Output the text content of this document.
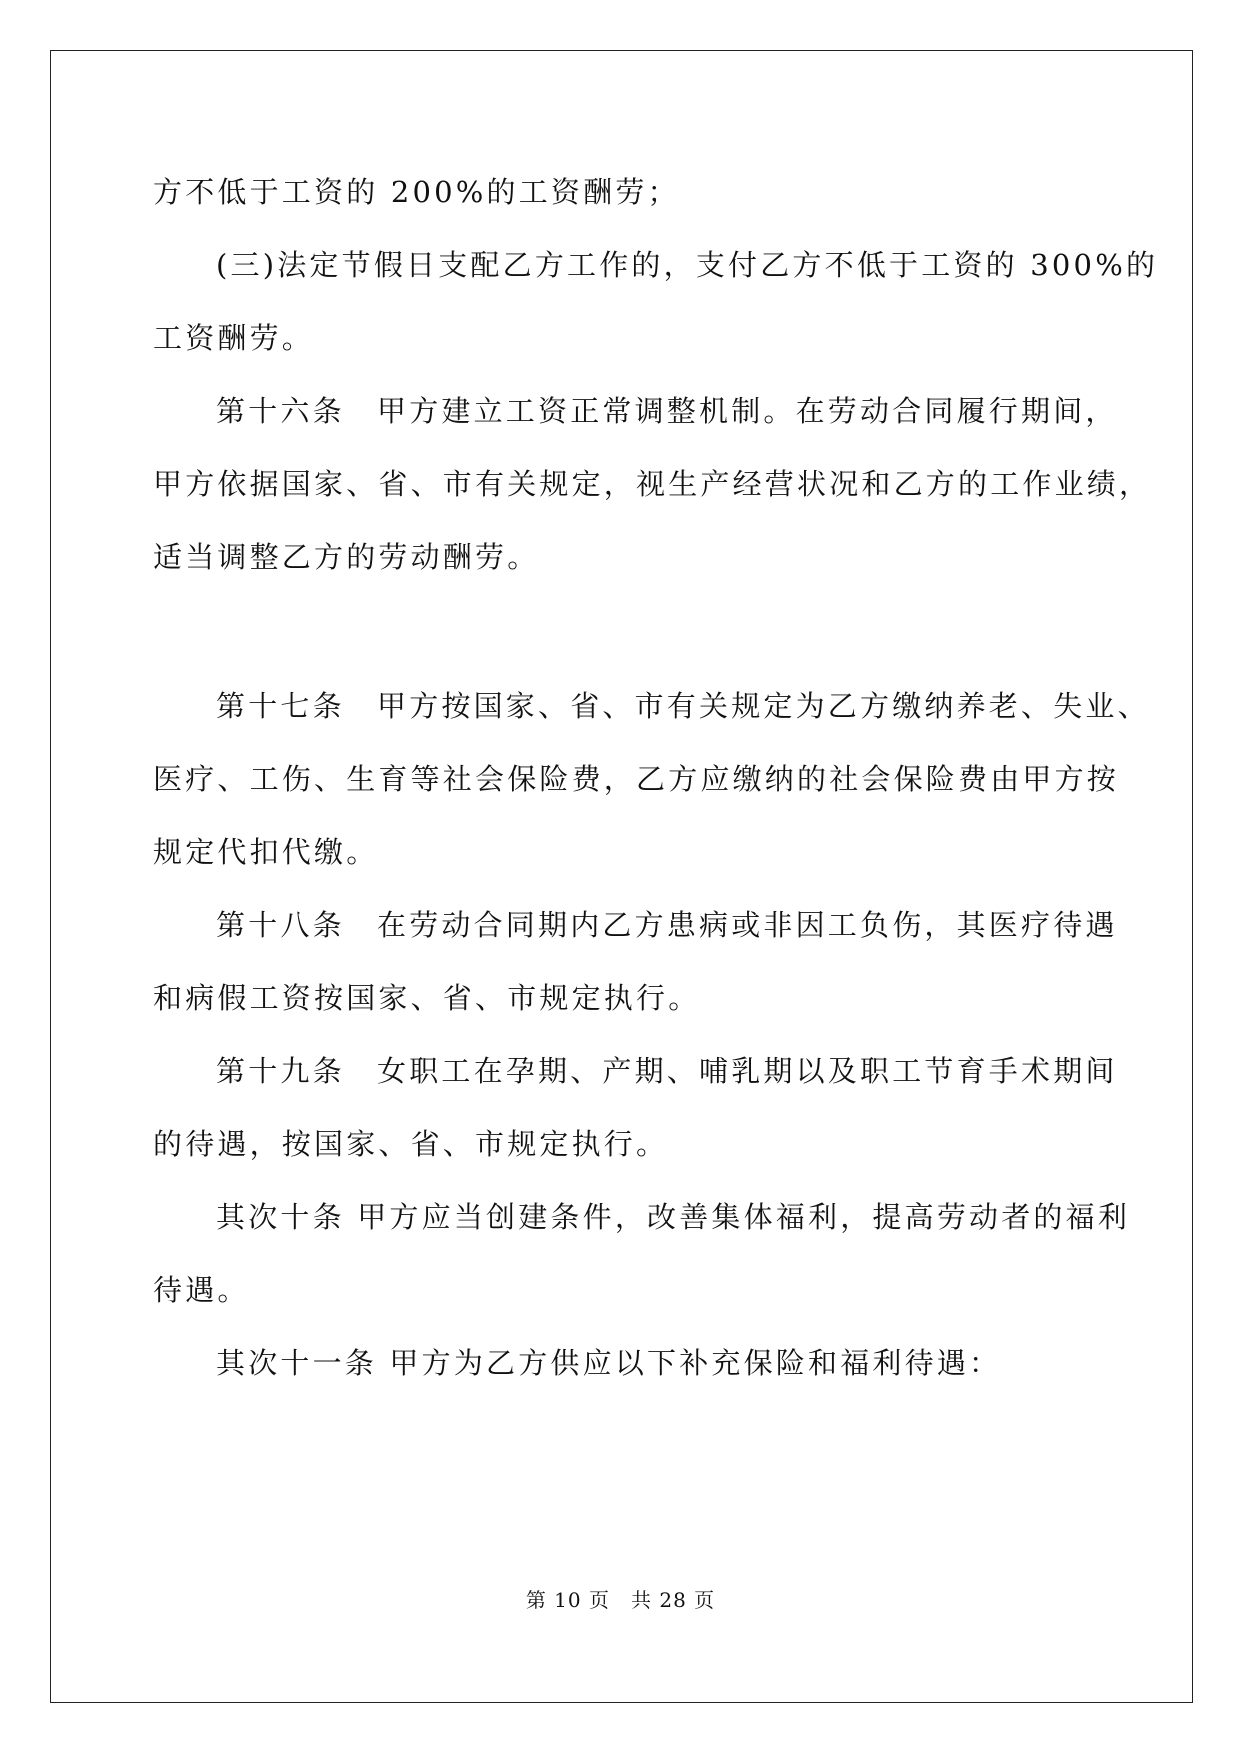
方不低于工资的 200%的工资酬劳；
(三)法定节假日支配乙方工作的，支付乙方不低于工资的 300%的
工资酬劳。
第十六条　甲方建立工资正常调整机制。在劳动合同履行期间，
甲方依据国家、省、市有关规定，视生产经营状况和乙方的工作业绩，
适当调整乙方的劳动酬劳。
第十七条　甲方按国家、省、市有关规定为乙方缴纳养老、失业、
医疗、工伤、生育等社会保险费，乙方应缴纳的社会保险费由甲方按
规定代扣代缴。
第十八条　在劳动合同期内乙方患病或非因工负伤，其医疗待遇
和病假工资按国家、省、市规定执行。
第十九条　女职工在孕期、产期、哺乳期以及职工节育手术期间
的待遇，按国家、省、市规定执行。
其次十条 甲方应当创建条件，改善集体福利，提高劳动者的福利
待遇。
其次十一条 甲方为乙方供应以下补充保险和福利待遇：
第 10 页　共 28 页
